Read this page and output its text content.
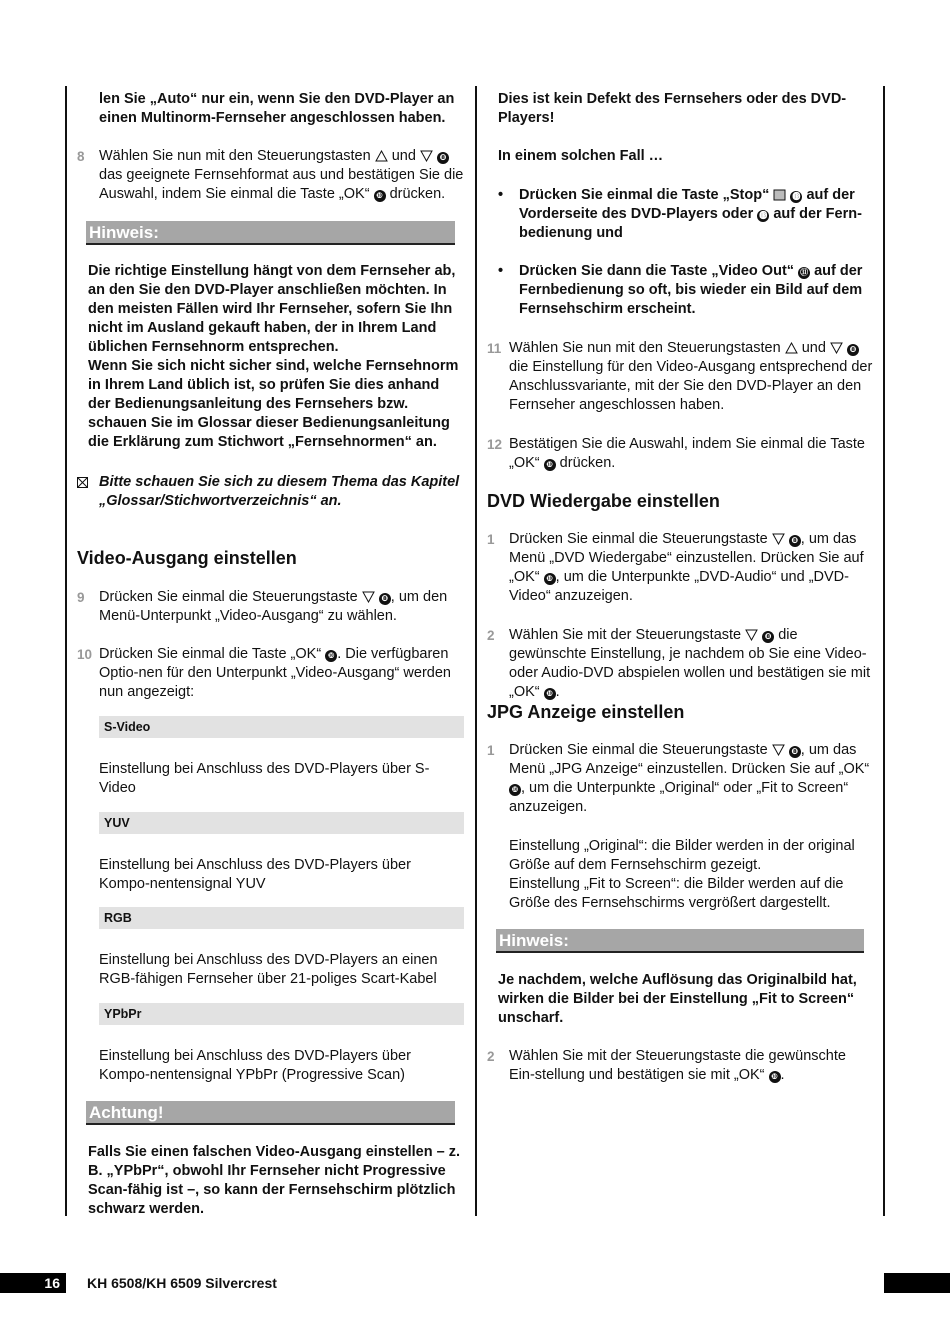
len Sie „Auto“ nur ein, wenn Sie den DVD-Player an einen Multinorm-Fernseher angeschlossen haben.

8 Wählen Sie nun mit den Steuerungstasten und	❽ das geeignete Fernsehformat aus und bestätigen Sie die Auswahl, indem Sie einmal die Taste „OK“ ❿ drücken.
Hinweis:

Die richtige Einstellung hängt von dem Fernseher ab, an den Sie den DVD-Player anschließen möchten. In den meisten Fällen wird Ihr Fernseher, sofern Sie Ihn nicht im Ausland gekauft haben, der in Ihrem Land üblichen Fernsehnorm entsprechen.
Wenn Sie sich nicht sicher sind, welche Fernsehnorm in Ihrem Land üblich ist, so prüfen Sie dies anhand der Bedienungsanleitung des Fernsehers bzw. schauen Sie im Glossar dieser Bedienungsanleitung die Erklärung zum Stichwort „Fernsehnormen“ an.

Bitte schauen Sie sich zu diesem Thema das Kapitel „Glossar/Stichwortverzeichnis“ an.

Video-Ausgang einstellen
9 Drücken Sie einmal die Steuerungstaste	❽ , um den Menü-Unterpunkt „Video-Ausgang“ zu wählen.
10 Drücken Sie einmal die Taste „OK“ ❿ . Die verfügbaren Optio-nen für den Unterpunkt „Video-Ausgang“ werden nun angezeigt:
S-Video

Einstellung bei Anschluss des DVD-Players über S-Video

YUV

Einstellung bei Anschluss des DVD-Players über Kompo-nentensignal YUV

RGB

Einstellung bei Anschluss des DVD-Players an einen RGB-fähigen Fernseher über 21-poliges Scart-Kabel

YPbPr

Einstellung bei Anschluss des DVD-Players über Kompo-nentensignal YPbPr (Progressive Scan)

Achtung!

Falls Sie einen falschen Video-Ausgang einstellen – z. B. „YPbPr“, obwohl Ihr Fernseher nicht Progressive Scan-fähig ist –, so kann der Fernsehschirm plötzlich schwarz werden.

Dies ist kein Defekt des Fernsehers oder des DVD-Players!

In einem solchen Fall …

•	Drücken Sie einmal die Taste „Stop“	⓭ auf der Vorderseite des DVD-Players oder ⓭ auf der Fern-bedienung und
•	Drücken Sie dann die Taste „Video Out“ ㉛ auf der Fernbedienung so oft, bis wieder ein Bild auf dem Fernsehschirm erscheint.
11 Wählen Sie nun mit den Steuerungstasten und	❽ die Einstellung für den Video-Ausgang entsprechend der Anschlussvariante, mit der Sie den DVD-Player an den Fernseher angeschlossen haben.
12 Bestätigen Sie die Auswahl, indem Sie einmal die Taste „OK“ ❿ drücken.
DVD Wiedergabe einstellen
1 Drücken Sie einmal die Steuerungstaste	❽ , um das Menü „DVD Wiedergabe“ einzustellen. Drücken Sie auf „OK“ ❿ , um die Unterpunkte „DVD-Audio“ und „DVD-Video“ anzuzeigen.
2 Wählen Sie mit der Steuerungstaste	❽ die gewünschte Einstellung, je nachdem ob Sie eine Video- oder Audio-DVD abspielen wollen und bestätigen sie mit „OK“ ❿ .
JPG Anzeige einstellen
1 Drücken Sie einmal die Steuerungstaste	❽ , um das Menü „JPG Anzeige“ einzustellen. Drücken Sie auf „OK“ ❿ , um die Unterpunkte „Original“ oder „Fit to Screen“ anzuzeigen.

Einstellung „Original“: die Bilder werden in der original Größe auf dem Fernsehschirm gezeigt.

Einstellung „Fit to Screen“: die Bilder werden auf die Größe des Fernsehschirms vergrößert dargestellt.

Hinweis:

Je nachdem, welche Auflösung das Originalbild hat, wirken die Bilder bei der Einstellung „Fit to Screen“ unscharf.

2 Wählen Sie mit der Steuerungstaste die gewünschte Ein-stellung und bestätigen sie mit „OK“ ❿ .
16	KH 6508/KH 6509 Silvercrest
